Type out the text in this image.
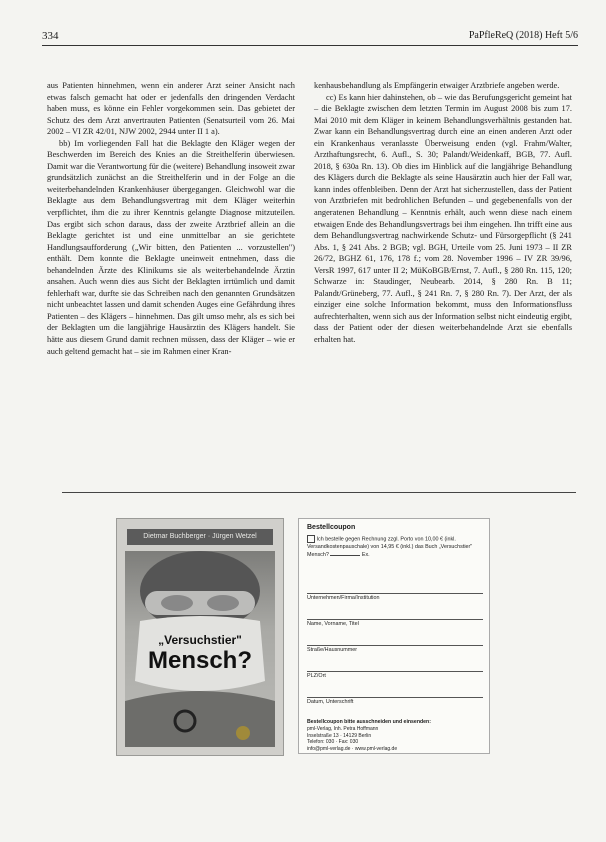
334	PaPfleReQ (2018) Heft 5/6

aus Patienten hinnehmen, wenn ein anderer Arzt seiner Ansicht nach etwas falsch gemacht hat oder er jedenfalls den dringenden Verdacht haben muss, es könne ein Fehler vorgekommen sein. Das gebietet der Schutz des dem Arzt anvertrauten Patienten (Senatsurteil vom 26. Mai 2002 – VI ZR 42/01, NJW 2002, 2944 unter II 1 a).

bb) Im vorliegenden Fall hat die Beklagte den Kläger wegen der Beschwerden im Bereich des Knies an die Streithelferin überwiesen. Damit war die Verantwortung für die (weitere) Behandlung insoweit zwar grundsätzlich zunächst an die Streithelferin und in der Folge an die weiterbehandelnden Krankenhäuser übergegangen. Gleichwohl war die Beklagte aus dem Behandlungsvertrag mit dem Kläger weiterhin verpflichtet, ihm die zu ihrer Kenntnis gelangte Diagnose mitzuteilen. Das ergibt sich schon daraus, dass der zweite Arztbrief allein an die Beklagte gerichtet ist und eine unmittelbar an sie gerichtete Handlungsaufforderung („Wir bitten, den Patienten ... vorzustellen") enthält. Dem konnte die Beklagte uneinweit entnehmen, dass die behandelnden Ärzte des Klinikums sie als weiterbehandelnde Ärztin ansahen. Auch wenn dies aus Sicht der Beklagten irrtümlich und damit fehlerhaft war, durfte sie das Schreiben nach den genannten Grundsätzen nicht unbeachtet lassen und damit schenden Auges eine Gefährdung ihres Patienten – des Klägers – hinnehmen. Das gilt umso mehr, als es sich bei der Beklagten um die langjährige Hausärztin des Klägers handelt. Sie hätte aus diesem Grund damit rechnen müssen, dass der Kläger – wie er auch geltend gemacht hat – sie im Rahmen einer Kran-

kenhausbehandlung als Empfängerin etwaiger Arztbriefe angeben werde.

cc) Es kann hier dahinstehen, ob – wie das Berufungsgericht gemeint hat – die Beklagte zwischen dem letzten Termin im August 2008 bis zum 17. Mai 2010 mit dem Kläger in keinem Behandlungsverhältnis gestanden hat. Zwar kann ein Behandlungsvertrag durch eine an einen anderen Arzt oder ein Krankenhaus veranlasste Überweisung enden (vgl. Frahm/Walter, Arzthaftungsrecht, 6. Aufl., S. 30; Palandt/Weidenkaff, BGB, 77. Aufl. 2018, § 630a Rn. 13). Ob dies im Hinblick auf die langjährige Behandlung des Klägers durch die Beklagte als seine Hausärztin auch hier der Fall war, kann indes offenbleiben. Denn der Arzt hat sicherzustellen, dass der Patient von Arztbriefen mit bedrohlichen Befunden – und gegebenenfalls von der angeratenen Behandlung – Kenntnis erhält, auch wenn diese nach einem etwaigen Ende des Behandlungsvertrags bei ihm eingehen. Ihn trifft eine aus dem Behandlungsvertrag nachwirkende Schutz- und Fürsorgepflicht (§ 241 Abs. 1, § 241 Abs. 2 BGB; vgl. BGH, Urteile vom 25. Juni 1973 – II ZR 26/72, BGHZ 61, 176, 178 f.; vom 28. November 1996 – IV ZR 39/96, VersR 1997, 617 unter II 2; MüKoBGB/Ernst, 7. Aufl., § 280 Rn. 115, 120; Schwarze in: Staudinger, Neubearb. 2014, § 280 Rn. B 11; Palandt/Grüneberg, 77. Aufl., § 241 Rn. 7, § 280 Rn. 7). Der Arzt, der als einziger eine solche Information bekommt, muss den Informationsfluss aufrechterhalten, wenn sich aus der Information selbst nicht eindeutig ergibt, dass der Patient oder der diesen weiterbehandelnde Arzt sie ebenfalls erhalten hat.

Dietmar Buchberger · Jürgen Wetzel
„Versuchstier"
Mensch?
Bestellcoupon
Ich bestelle gegen Rechnung zzgl. Porto von 10,00 € (inkl. Versandkostenpauschale) von 14,95 € (inkl.) das Buch „Versuchstier" Mensch?	Ex.
Unternehmen/Firma/Institution
Name, Vorname, Titel
Straße/Hausnummer
PLZ/Ort
Datum, Unterschrift
Bestellcoupon bitte ausschneiden und einsenden:
pml-Verlag, Inh. Petra Hoffmann
Inselstraße 13 · 14129 Berlin
Telefon: 030 · Fax: 030
info@pml-verlag.de · www.pml-verlag.de
